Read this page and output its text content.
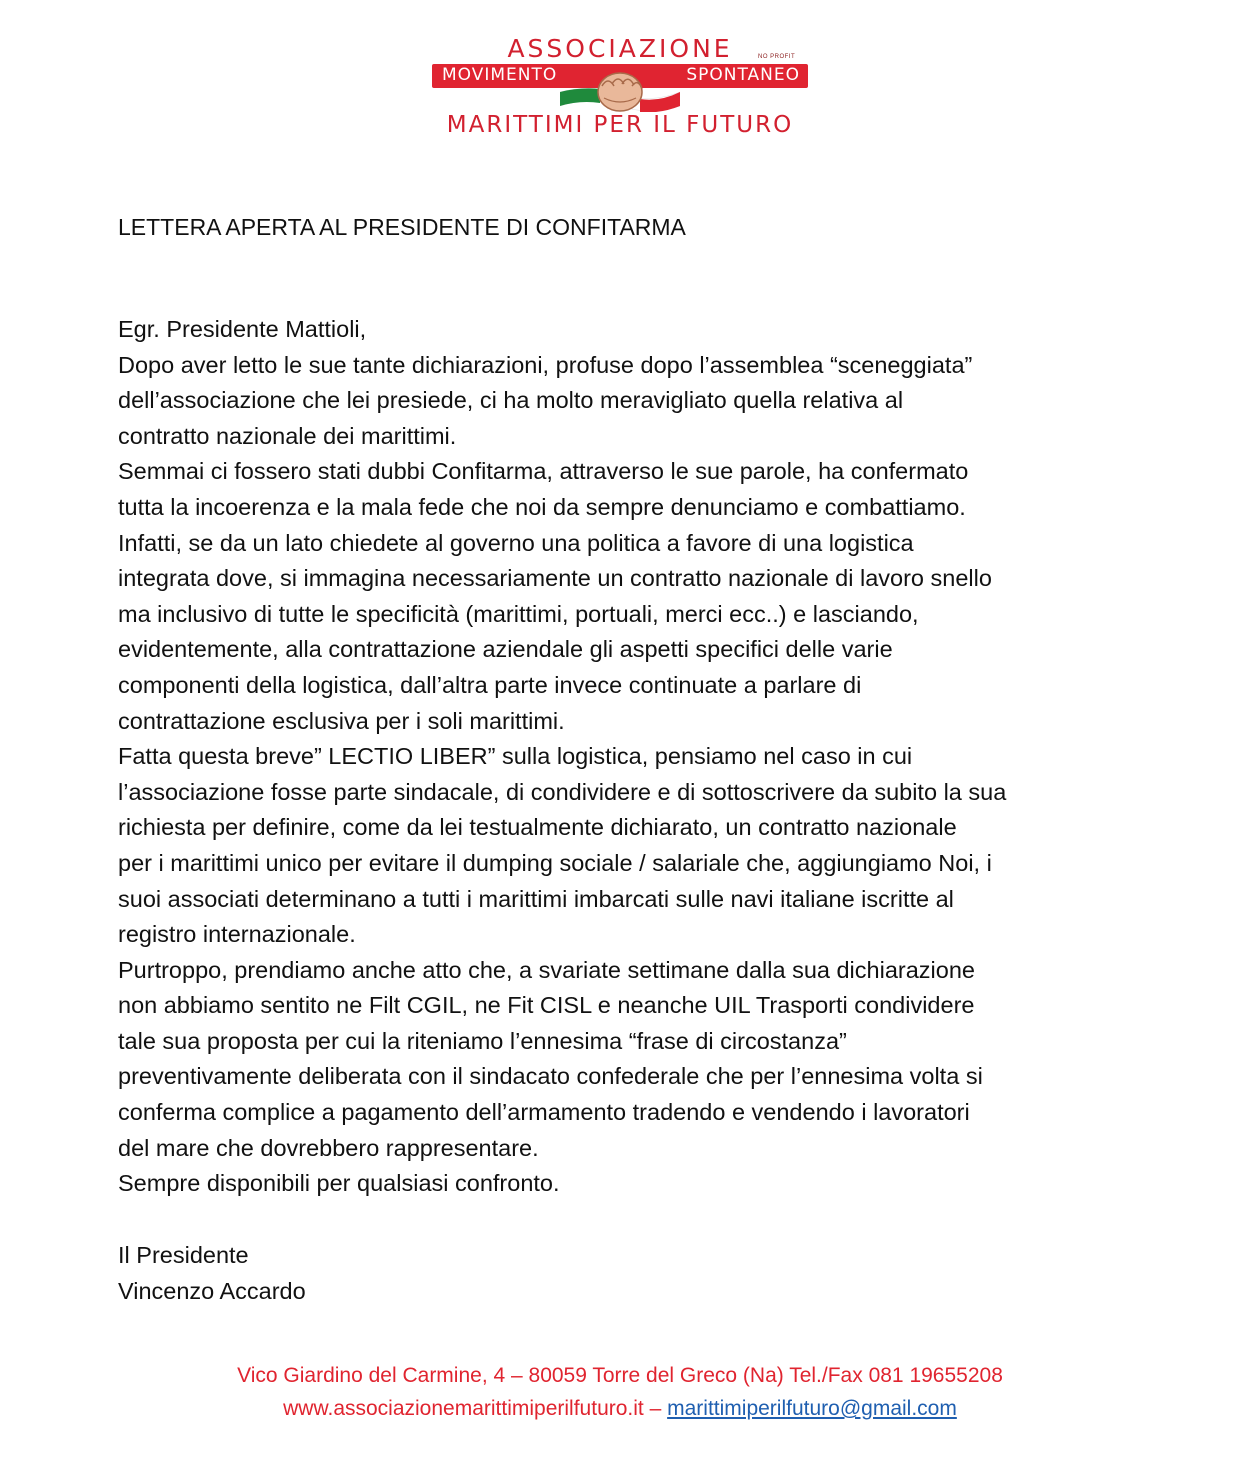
ASSOCIAZIONE	NO PROFIT
MOVIMENTO	SPONTANEO
MARITTIMI PER IL FUTURO
LETTERA APERTA AL PRESIDENTE DI CONFITARMA
Egr. Presidente Mattioli,
Dopo aver letto le sue tante dichiarazioni, profuse dopo l’assemblea “sceneggiata”
dell’associazione che lei presiede, ci ha molto meravigliato quella relativa al
contratto nazionale dei marittimi.
Semmai ci fossero stati dubbi Confitarma, attraverso le sue parole, ha confermato
tutta la incoerenza e la mala fede che noi da sempre denunciamo e combattiamo.
Infatti, se da un lato chiedete al governo una politica a favore di una logistica
integrata dove, si immagina necessariamente un contratto nazionale di lavoro snello
ma inclusivo di tutte le specificità (marittimi, portuali, merci ecc..) e lasciando,
evidentemente, alla contrattazione aziendale gli aspetti specifici delle varie
componenti della logistica, dall’altra parte invece continuate a parlare di
contrattazione esclusiva per i soli marittimi.
Fatta questa breve” LECTIO LIBER” sulla logistica, pensiamo nel caso in cui
l’associazione fosse parte sindacale, di condividere e di sottoscrivere da subito la sua
richiesta per definire, come da lei testualmente dichiarato, un contratto nazionale
per i marittimi unico per evitare il dumping sociale / salariale che, aggiungiamo Noi, i
suoi associati determinano a tutti i marittimi imbarcati sulle navi italiane iscritte al
registro internazionale.
Purtroppo, prendiamo anche atto che, a svariate settimane dalla sua dichiarazione
non abbiamo sentito ne Filt CGIL, ne Fit CISL e neanche UIL Trasporti condividere
tale sua proposta per cui la riteniamo l’ennesima “frase di circostanza”
preventivamente deliberata con il sindacato confederale che per l’ennesima volta si
conferma complice a pagamento dell’armamento tradendo e vendendo i lavoratori
del mare che dovrebbero rappresentare.
Sempre disponibili per qualsiasi confronto.
Il Presidente
Vincenzo Accardo
Vico Giardino del Carmine, 4 – 80059 Torre del Greco (Na) Tel./Fax 081 19655208
www.associazionemarittimiperilfuturo.it – marittimiperilfuturo@gmail.com
